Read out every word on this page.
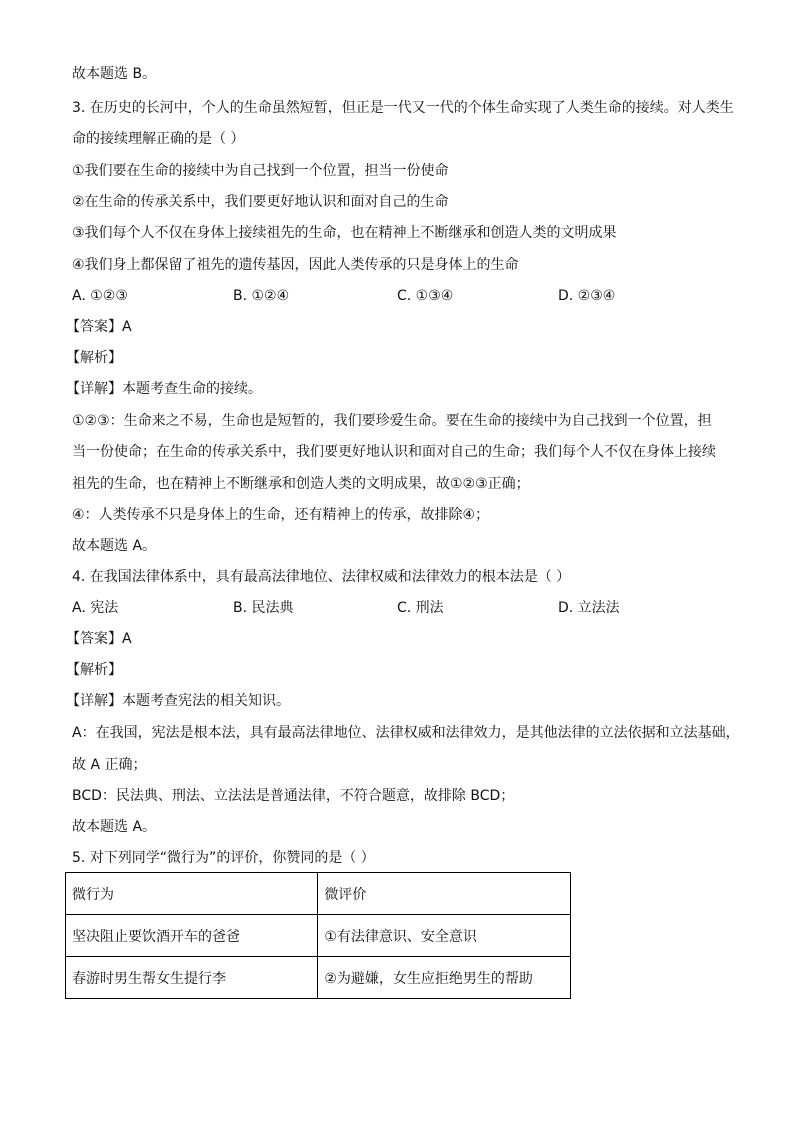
故本题选 B。
3. 在历史的长河中，个人的生命虽然短暂，但正是一代又一代的个体生命实现了人类生命的接续。对人类生
命的接续理解正确的是（ ）
①我们要在生命的接续中为自己找到一个位置，担当一份使命
②在生命的传承关系中，我们要更好地认识和面对自己的生命
③我们每个人不仅在身体上接续祖先的生命，也在精神上不断继承和创造人类的文明成果
④我们身上都保留了祖先的遗传基因，因此人类传承的只是身体上的生命
A. ①②③	B. ①②④	C. ①③④	D. ②③④
【答案】A
【解析】
【详解】本题考查生命的接续。
①②③：生命来之不易，生命也是短暂的，我们要珍爱生命。要在生命的接续中为自己找到一个位置，担
当一份使命；在生命的传承关系中，我们要更好地认识和面对自己的生命；我们每个人不仅在身体上接续
祖先的生命，也在精神上不断继承和创造人类的文明成果，故①②③正确；
④：人类传承不只是身体上的生命，还有精神上的传承，故排除④；
故本题选 A。
4. 在我国法律体系中，具有最高法律地位、法律权威和法律效力的根本法是（ ）
A. 宪法	B. 民法典	C. 刑法	D. 立法法
【答案】A
【解析】
【详解】本题考查宪法的相关知识。
A：在我国，宪法是根本法，具有最高法律地位、法律权威和法律效力，是其他法律的立法依据和立法基础，
故 A 正确；
BCD：民法典、刑法、立法法是普通法律，不符合题意，故排除 BCD；
故本题选 A。
5. 对下列同学“微行为”的评价，你赞同的是（ ）
微行为	微评价
坚决阻止要饮酒开车的爸爸	①有法律意识、安全意识
春游时男生帮女生提行李	②为避嫌，女生应拒绝男生的帮助
